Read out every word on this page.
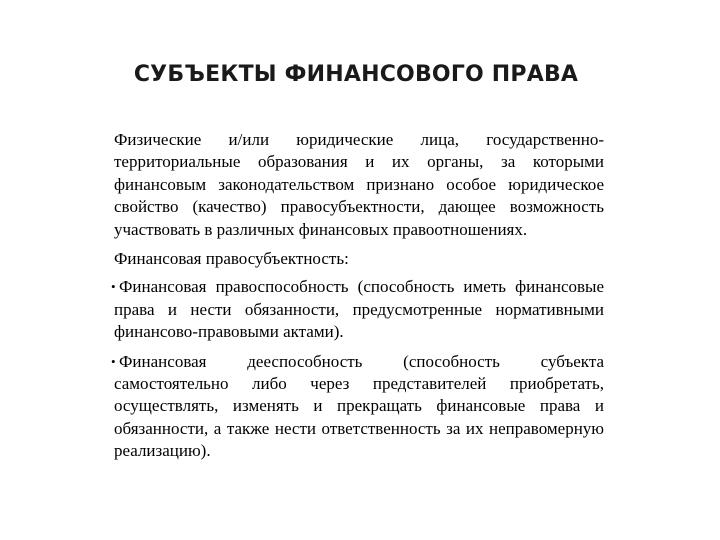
СУБЪЕКТЫ ФИНАНСОВОГО ПРАВА

Физические и/или юридические лица, государственно-территориальные образования и их органы, за которыми финансовым законодательством признано особое юридическое свойство (качество) правосубъектности, дающее возможность участвовать в различных финансовых правоотношениях.

Финансовая правосубъектность:

• Финансовая правоспособность (способность иметь финансовые права и нести обязанности, предусмотренные нормативными финансово-правовыми актами).
• Финансовая дееспособность (способность субъекта самостоятельно либо через представителей приобретать, осуществлять, изменять и прекращать финансовые права и обязанности, а также нести ответственность за их неправомерную реализацию).
